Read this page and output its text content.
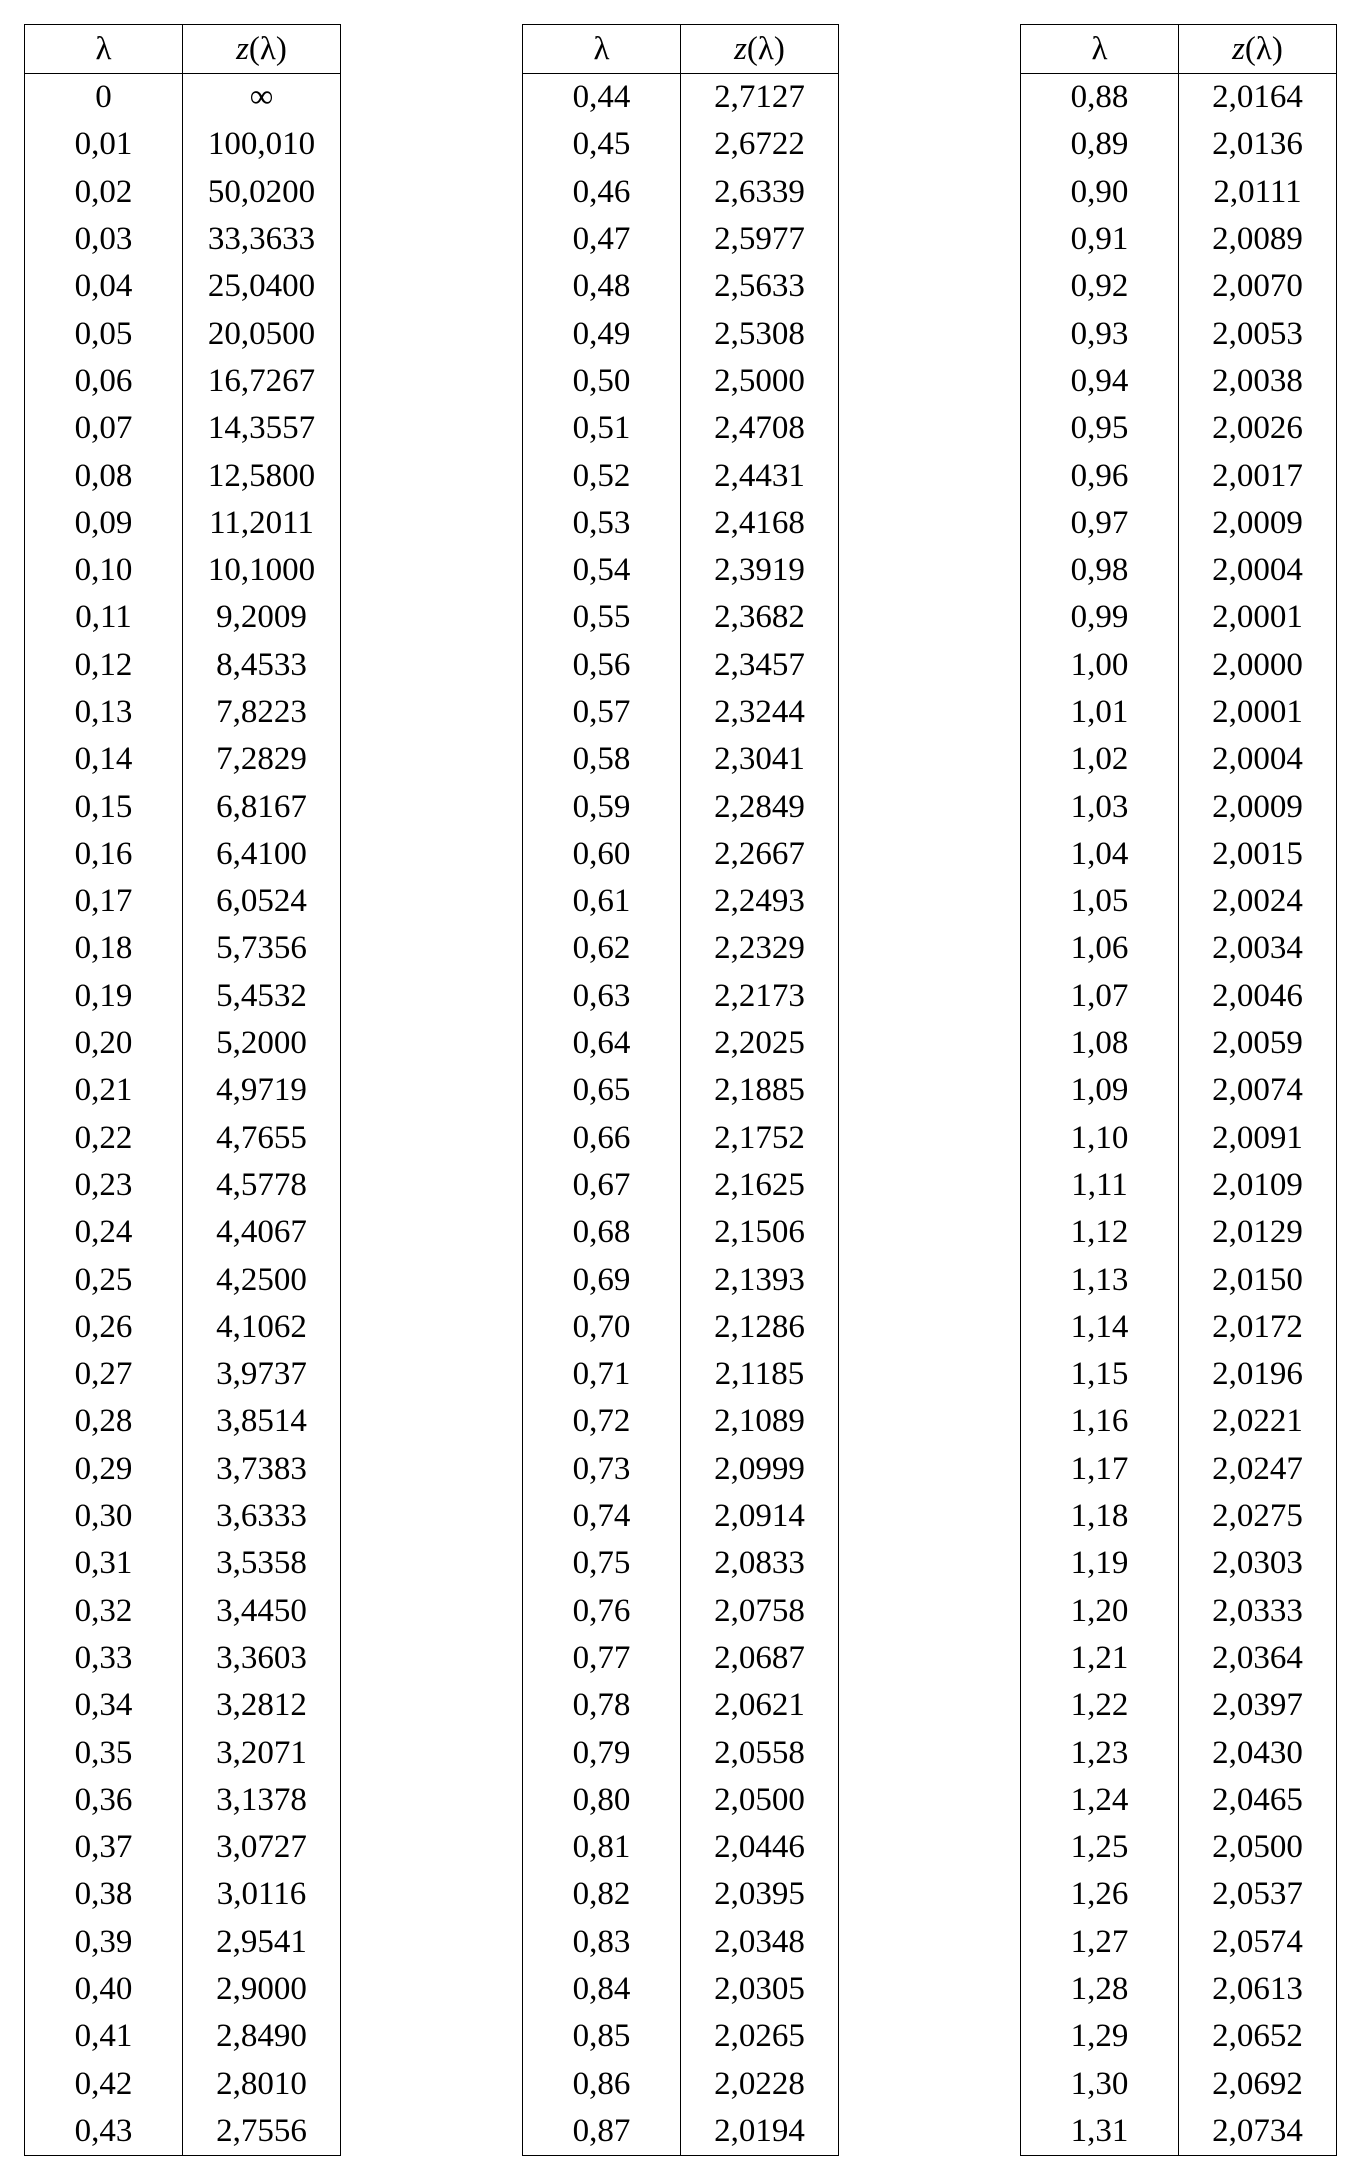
λ	z(λ)
0	∞
0,01	100,010
0,02	50,0200
0,03	33,3633
0,04	25,0400
0,05	20,0500
0,06	16,7267
0,07	14,3557
0,08	12,5800
0,09	11,2011
0,10	10,1000
0,11	9,2009
0,12	8,4533
0,13	7,8223
0,14	7,2829
0,15	6,8167
0,16	6,4100
0,17	6,0524
0,18	5,7356
0,19	5,4532
0,20	5,2000
0,21	4,9719
0,22	4,7655
0,23	4,5778
0,24	4,4067
0,25	4,2500
0,26	4,1062
0,27	3,9737
0,28	3,8514
0,29	3,7383
0,30	3,6333
0,31	3,5358
0,32	3,4450
0,33	3,3603
0,34	3,2812
0,35	3,2071
0,36	3,1378
0,37	3,0727
0,38	3,0116
0,39	2,9541
0,40	2,9000
0,41	2,8490
0,42	2,8010
0,43	2,7556
λ	z(λ)
0,44	2,7127
0,45	2,6722
0,46	2,6339
0,47	2,5977
0,48	2,5633
0,49	2,5308
0,50	2,5000
0,51	2,4708
0,52	2,4431
0,53	2,4168
0,54	2,3919
0,55	2,3682
0,56	2,3457
0,57	2,3244
0,58	2,3041
0,59	2,2849
0,60	2,2667
0,61	2,2493
0,62	2,2329
0,63	2,2173
0,64	2,2025
0,65	2,1885
0,66	2,1752
0,67	2,1625
0,68	2,1506
0,69	2,1393
0,70	2,1286
0,71	2,1185
0,72	2,1089
0,73	2,0999
0,74	2,0914
0,75	2,0833
0,76	2,0758
0,77	2,0687
0,78	2,0621
0,79	2,0558
0,80	2,0500
0,81	2,0446
0,82	2,0395
0,83	2,0348
0,84	2,0305
0,85	2,0265
0,86	2,0228
0,87	2,0194
λ	z(λ)
0,88	2,0164
0,89	2,0136
0,90	2,0111
0,91	2,0089
0,92	2,0070
0,93	2,0053
0,94	2,0038
0,95	2,0026
0,96	2,0017
0,97	2,0009
0,98	2,0004
0,99	2,0001
1,00	2,0000
1,01	2,0001
1,02	2,0004
1,03	2,0009
1,04	2,0015
1,05	2,0024
1,06	2,0034
1,07	2,0046
1,08	2,0059
1,09	2,0074
1,10	2,0091
1,11	2,0109
1,12	2,0129
1,13	2,0150
1,14	2,0172
1,15	2,0196
1,16	2,0221
1,17	2,0247
1,18	2,0275
1,19	2,0303
1,20	2,0333
1,21	2,0364
1,22	2,0397
1,23	2,0430
1,24	2,0465
1,25	2,0500
1,26	2,0537
1,27	2,0574
1,28	2,0613
1,29	2,0652
1,30	2,0692
1,31	2,0734
